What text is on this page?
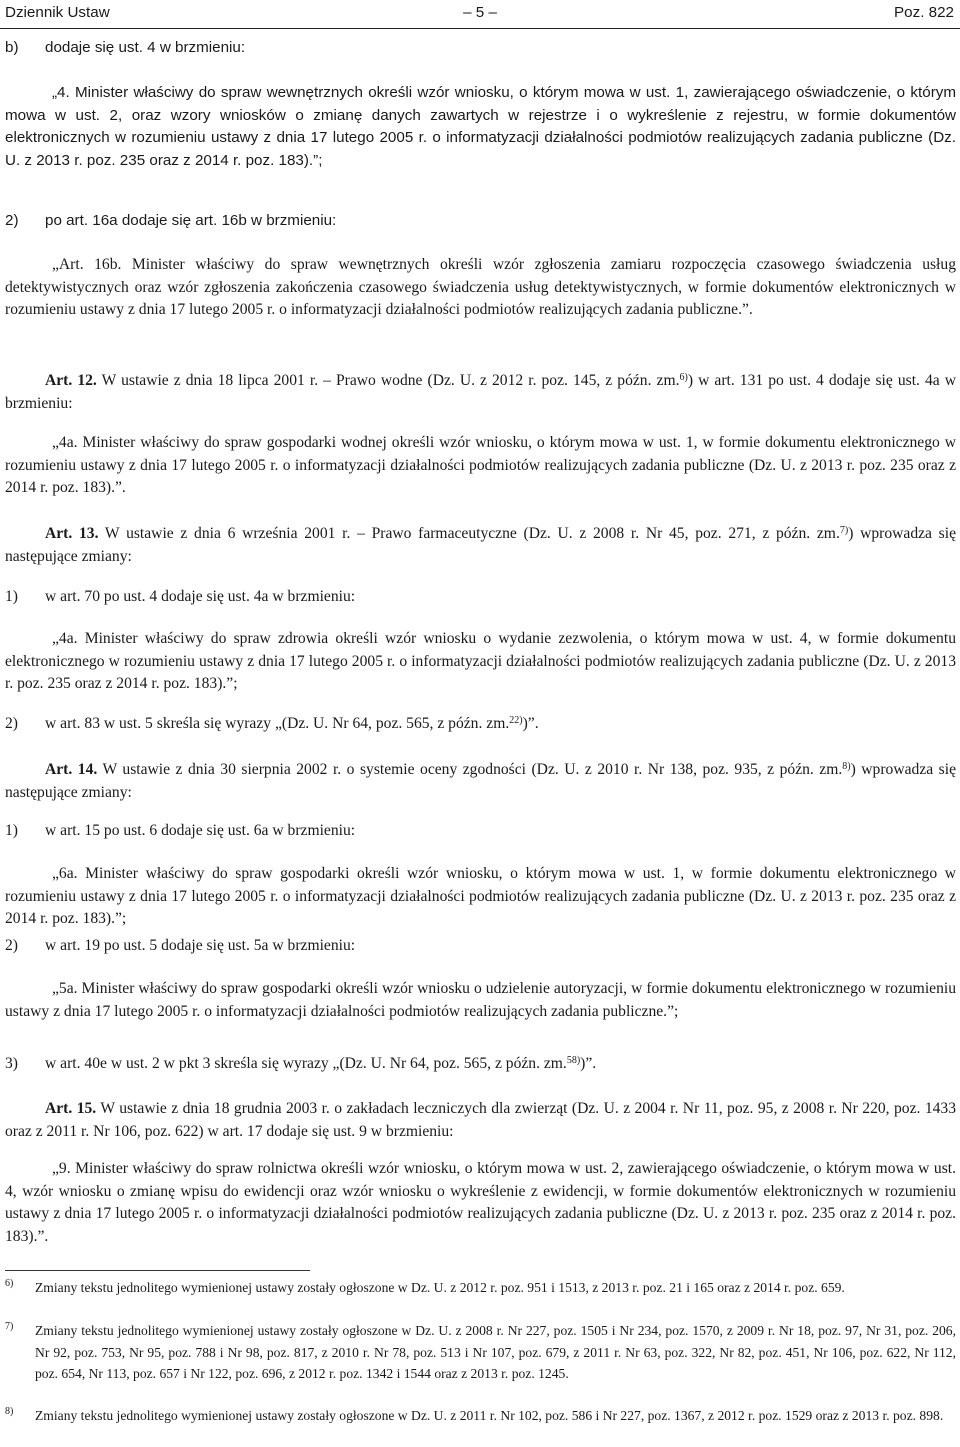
Dziennik Ustaw	– 5 –	Poz. 822

b) dodaje się ust. 4 w brzmieniu:

„4. Minister właściwy do spraw wewnętrznych określi wzór wniosku, o którym mowa w ust. 1, zawierającego oświadczenie, o którym mowa w ust. 2, oraz wzory wniosków o zmianę danych zawartych w rejestrze i o wykreślenie z rejestru, w formie dokumentów elektronicznych w rozumieniu ustawy z dnia 17 lutego 2005 r. o informatyzacji działalności podmiotów realizujących zadania publiczne (Dz. U. z 2013 r. poz. 235 oraz z 2014 r. poz. 183).”;

2) po art. 16a dodaje się art. 16b w brzmieniu:

„Art. 16b. Minister właściwy do spraw wewnętrznych określi wzór zgłoszenia zamiaru rozpoczęcia czasowego świadczenia usług detektywistycznych oraz wzór zgłoszenia zakończenia czasowego świadczenia usług detektywistycznych, w formie dokumentów elektronicznych w rozumieniu ustawy z dnia 17 lutego 2005 r. o informatyzacji działalności podmiotów realizujących zadania publiczne.”.

Art. 12. W ustawie z dnia 18 lipca 2001 r. – Prawo wodne (Dz. U. z 2012 r. poz. 145, z późn. zm.$^{6)}$) w art. 131 po ust. 4 dodaje się ust. 4a w brzmieniu:

„4a. Minister właściwy do spraw gospodarki wodnej określi wzór wniosku, o którym mowa w ust. 1, w formie dokumentu elektronicznego w rozumieniu ustawy z dnia 17 lutego 2005 r. o informatyzacji działalności podmiotów realizujących zadania publiczne (Dz. U. z 2013 r. poz. 235 oraz z 2014 r. poz. 183).”.

Art. 13. W ustawie z dnia 6 września 2001 r. – Prawo farmaceutyczne (Dz. U. z 2008 r. Nr 45, poz. 271, z późn. zm.$^{7)}$) wprowadza się następujące zmiany:

1) w art. 70 po ust. 4 dodaje się ust. 4a w brzmieniu:

„4a. Minister właściwy do spraw zdrowia określi wzór wniosku o wydanie zezwolenia, o którym mowa w ust. 4, w formie dokumentu elektronicznego w rozumieniu ustawy z dnia 17 lutego 2005 r. o informatyzacji działalności podmiotów realizujących zadania publiczne (Dz. U. z 2013 r. poz. 235 oraz z 2014 r. poz. 183).”;

2) w art. 83 w ust. 5 skreśla się wyrazy „(Dz. U. Nr 64, poz. 565, z późn. zm.$^{22)}$)”.

Art. 14. W ustawie z dnia 30 sierpnia 2002 r. o systemie oceny zgodności (Dz. U. z 2010 r. Nr 138, poz. 935, z późn. zm.$^{8)}$) wprowadza się następujące zmiany:

1) w art. 15 po ust. 6 dodaje się ust. 6a w brzmieniu:

„6a. Minister właściwy do spraw gospodarki określi wzór wniosku, o którym mowa w ust. 1, w formie dokumentu elektronicznego w rozumieniu ustawy z dnia 17 lutego 2005 r. o informatyzacji działalności podmiotów realizujących zadania publiczne (Dz. U. z 2013 r. poz. 235 oraz z 2014 r. poz. 183).”;

2) w art. 19 po ust. 5 dodaje się ust. 5a w brzmieniu:

„5a. Minister właściwy do spraw gospodarki określi wzór wniosku o udzielenie autoryzacji, w formie dokumentu elektronicznego w rozumieniu ustawy z dnia 17 lutego 2005 r. o informatyzacji działalności podmiotów realizujących zadania publiczne.”;

3) w art. 40e w ust. 2 w pkt 3 skreśla się wyrazy „(Dz. U. Nr 64, poz. 565, z późn. zm.$^{58)}$)”.

Art. 15. W ustawie z dnia 18 grudnia 2003 r. o zakładach leczniczych dla zwierząt (Dz. U. z 2004 r. Nr 11, poz. 95, z 2008 r. Nr 220, poz. 1433 oraz z 2011 r. Nr 106, poz. 622) w art. 17 dodaje się ust. 9 w brzmieniu:

„9. Minister właściwy do spraw rolnictwa określi wzór wniosku, o którym mowa w ust. 2, zawierającego oświadczenie, o którym mowa w ust. 4, wzór wniosku o zmianę wpisu do ewidencji oraz wzór wniosku o wykreślenie z ewidencji, w formie dokumentów elektronicznych w rozumieniu ustawy z dnia 17 lutego 2005 r. o informatyzacji działalności podmiotów realizujących zadania publiczne (Dz. U. z 2013 r. poz. 235 oraz z 2014 r. poz. 183).”.

6) Zmiany tekstu jednolitego wymienionej ustawy zostały ogłoszone w Dz. U. z 2012 r. poz. 951 i 1513, z 2013 r. poz. 21 i 165 oraz z 2014 r. poz. 659.
7) Zmiany tekstu jednolitego wymienionej ustawy zostały ogłoszone w Dz. U. z 2008 r. Nr 227, poz. 1505 i Nr 234, poz. 1570, z 2009 r. Nr 18, poz. 97, Nr 31, poz. 206, Nr 92, poz. 753, Nr 95, poz. 788 i Nr 98, poz. 817, z 2010 r. Nr 78, poz. 513 i Nr 107, poz. 679, z 2011 r. Nr 63, poz. 322, Nr 82, poz. 451, Nr 106, poz. 622, Nr 112, poz. 654, Nr 113, poz. 657 i Nr 122, poz. 696, z 2012 r. poz. 1342 i 1544 oraz z 2013 r. poz. 1245.
8) Zmiany tekstu jednolitego wymienionej ustawy zostały ogłoszone w Dz. U. z 2011 r. Nr 102, poz. 586 i Nr 227, poz. 1367, z 2012 r. poz. 1529 oraz z 2013 r. poz. 898.
